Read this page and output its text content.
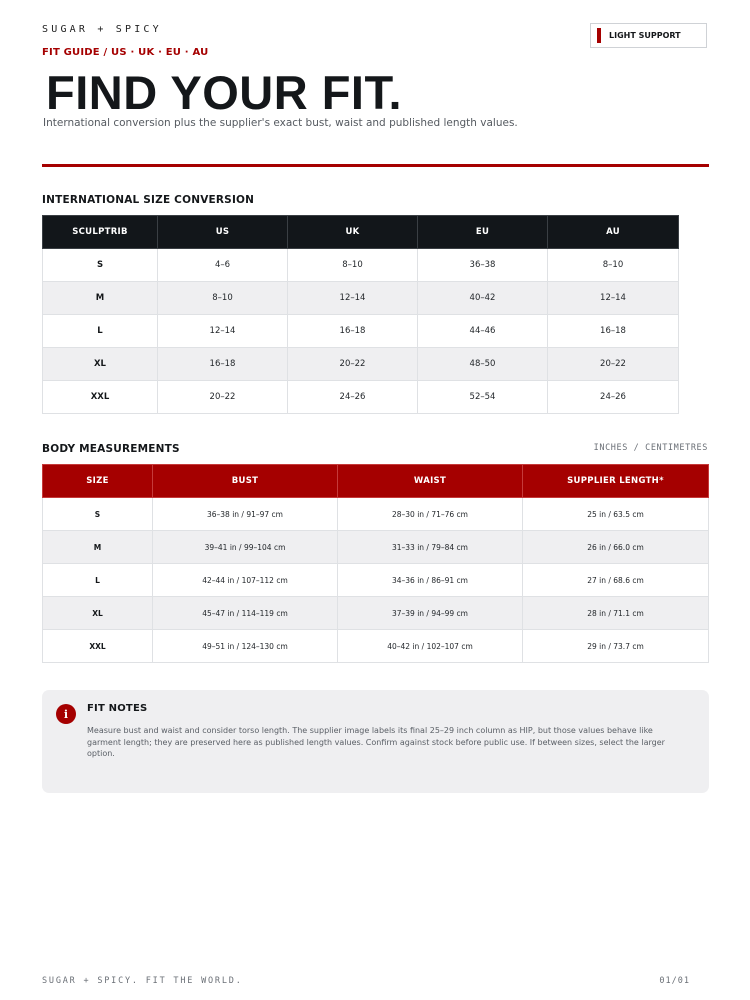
SUGAR + SPICY
LIGHT SUPPORT
FIT GUIDE / US · UK · EU · AU
FIND YOUR FIT.
International conversion plus the supplier's exact bust, waist and published length values.
INTERNATIONAL SIZE CONVERSION
SCULPTRIB	US	UK	EU	AU
S	4–6	8–10	36–38	8–10
M	8–10	12–14	40–42	12–14
L	12–14	16–18	44–46	16–18
XL	16–18	20–22	48–50	20–22
XXL	20–22	24–26	52–54	24–26
BODY MEASUREMENTS	INCHES / CENTIMETRES
SIZE	BUST	WAIST	SUPPLIER LENGTH*
S	36–38 in / 91–97 cm	28–30 in / 71–76 cm	25 in / 63.5 cm
M	39–41 in / 99–104 cm	31–33 in / 79–84 cm	26 in / 66.0 cm
L	42–44 in / 107–112 cm	34–36 in / 86–91 cm	27 in / 68.6 cm
XL	45–47 in / 114–119 cm	37–39 in / 94–99 cm	28 in / 71.1 cm
XXL	49–51 in / 124–130 cm	40–42 in / 102–107 cm	29 in / 73.7 cm
i	FIT NOTES
Measure bust and waist and consider torso length. The supplier image labels its final 25–29 inch column as HIP, but those values behave like garment length; they are preserved here as published length values. Confirm against stock before public use. If between sizes, select the larger option.
SUGAR + SPICY. FIT THE WORLD.	01/01
